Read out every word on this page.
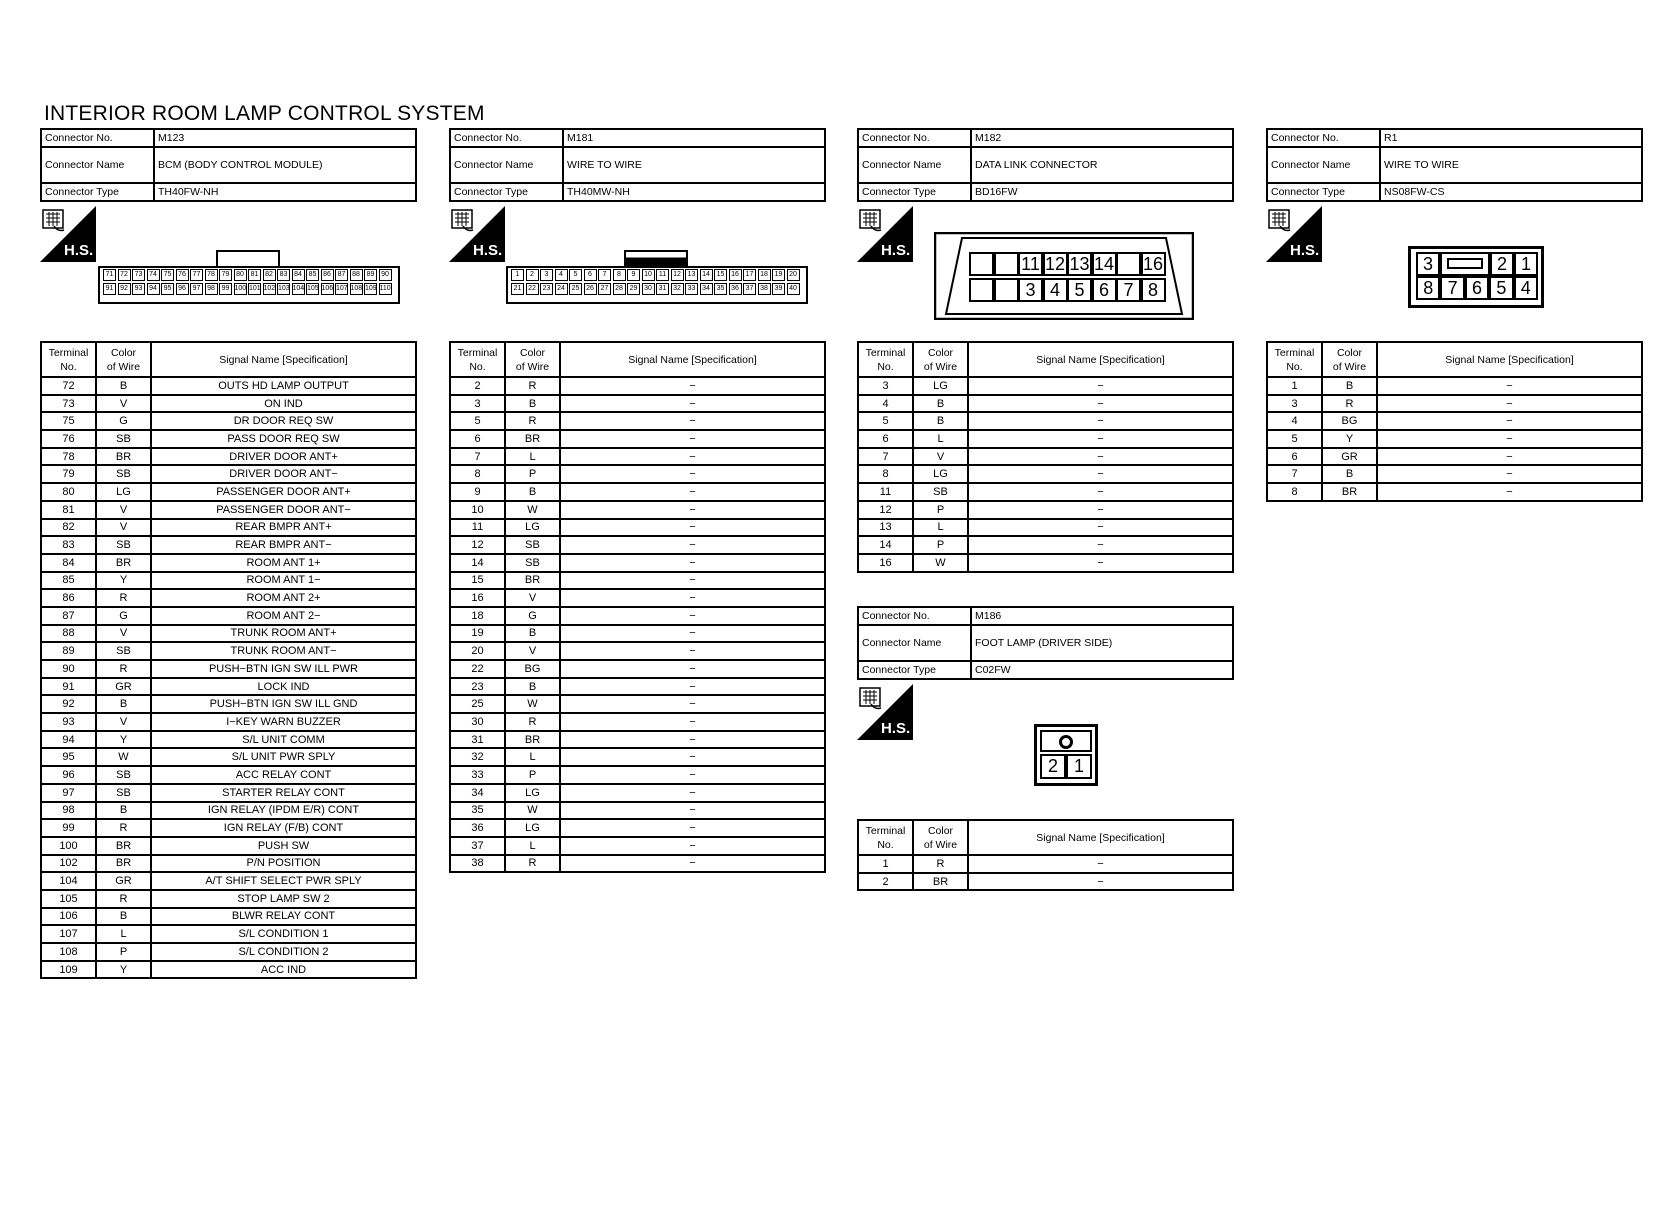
INTERIOR ROOM LAMP CONTROL SYSTEM
Connector No.	M123
Connector Name	BCM (BODY CONTROL MODULE)
Connector Type	TH40FW-NH
H.S.
71 72 73 74 75 76 77 78 79 80 81 82 83 84 85 86 87 88 89 90
91 92 93 94 95 96 97 98 99 100 101 102 103 104 105 106 107 108 109 110
Terminal
No.	Color
of Wire	Signal Name [Specification]
72	B	OUTS HD LAMP OUTPUT
73	V	ON IND
75	G	DR DOOR REQ SW
76	SB	PASS DOOR REQ SW
78	BR	DRIVER DOOR ANT+
79	SB	DRIVER DOOR ANT−
80	LG	PASSENGER DOOR ANT+
81	V	PASSENGER DOOR ANT−
82	V	REAR BMPR ANT+
83	SB	REAR BMPR ANT−
84	BR	ROOM ANT 1+
85	Y	ROOM ANT 1−
86	R	ROOM ANT 2+
87	G	ROOM ANT 2−
88	V	TRUNK ROOM ANT+
89	SB	TRUNK ROOM ANT−
90	R	PUSH−BTN IGN SW ILL PWR
91	GR	LOCK IND
92	B	PUSH−BTN IGN SW ILL GND
93	V	I−KEY WARN BUZZER
94	Y	S/L UNIT COMM
95	W	S/L UNIT PWR SPLY
96	SB	ACC RELAY CONT
97	SB	STARTER RELAY CONT
98	B	IGN RELAY (IPDM E/R) CONT
99	R	IGN RELAY (F/B) CONT
100	BR	PUSH SW
102	BR	P/N POSITION
104	GR	A/T SHIFT SELECT PWR SPLY
105	R	STOP LAMP SW 2
106	B	BLWR RELAY CONT
107	L	S/L CONDITION 1
108	P	S/L CONDITION 2
109	Y	ACC IND
Connector No.	M181
Connector Name	WIRE TO WIRE
Connector Type	TH40MW-NH
H.S.
1	2	3	4	5	6	7	8	9	10 11 12 13 14 15 16 17 18 19 20
21 22 23 24 25 26 27 28 29 30 31 32 33 34 35 36 37 38 39 40
Terminal
No.	Color
of Wire	Signal Name [Specification]
2	R	−
3	B	−
5	R	−
6	BR	−
7	L	−
8	P	−
9	B	−
10	W	−
11	LG	−
12	SB	−
14	SB	−
15	BR	−
16	V	−
18	G	−
19	B	−
20	V	−
22	BG	−
23	B	−
25	W	−
30	R	−
31	BR	−
32	L	−
33	P	−
34	LG	−
35	W	−
36	LG	−
37	L	−
38	R	−
Connector No.	M182
Connector Name	DATA LINK CONNECTOR
Connector Type	BD16FW
H.S.
11
3
12
4
13
5
14
6 7
16
8
Terminal
No.	Color
of Wire	Signal Name [Specification]
3	LG	−
4	B	−
5	B	−
6	L	−
7	V	−
8	LG	−
11	SB	−
12	P	−
13	L	−
14	P	−
16	W	−
Connector No.	M186
Connector Name	FOOT LAMP (DRIVER SIDE)
Connector Type	C02FW
H.S.
2 1
Terminal
No.	Color
of Wire	Signal Name [Specification]
1	R	−
2	BR	−
Connector No.	R1
Connector Name	WIRE TO WIRE
Connector Type	NS08FW-CS
H.S.
3	2 1
8 7 6 5 4
Terminal
No.	Color
of Wire	Signal Name [Specification]
1	B	−
3	R	−
4	BG	−
5	Y	−
6	GR	−
7	B	−
8	BR	−
